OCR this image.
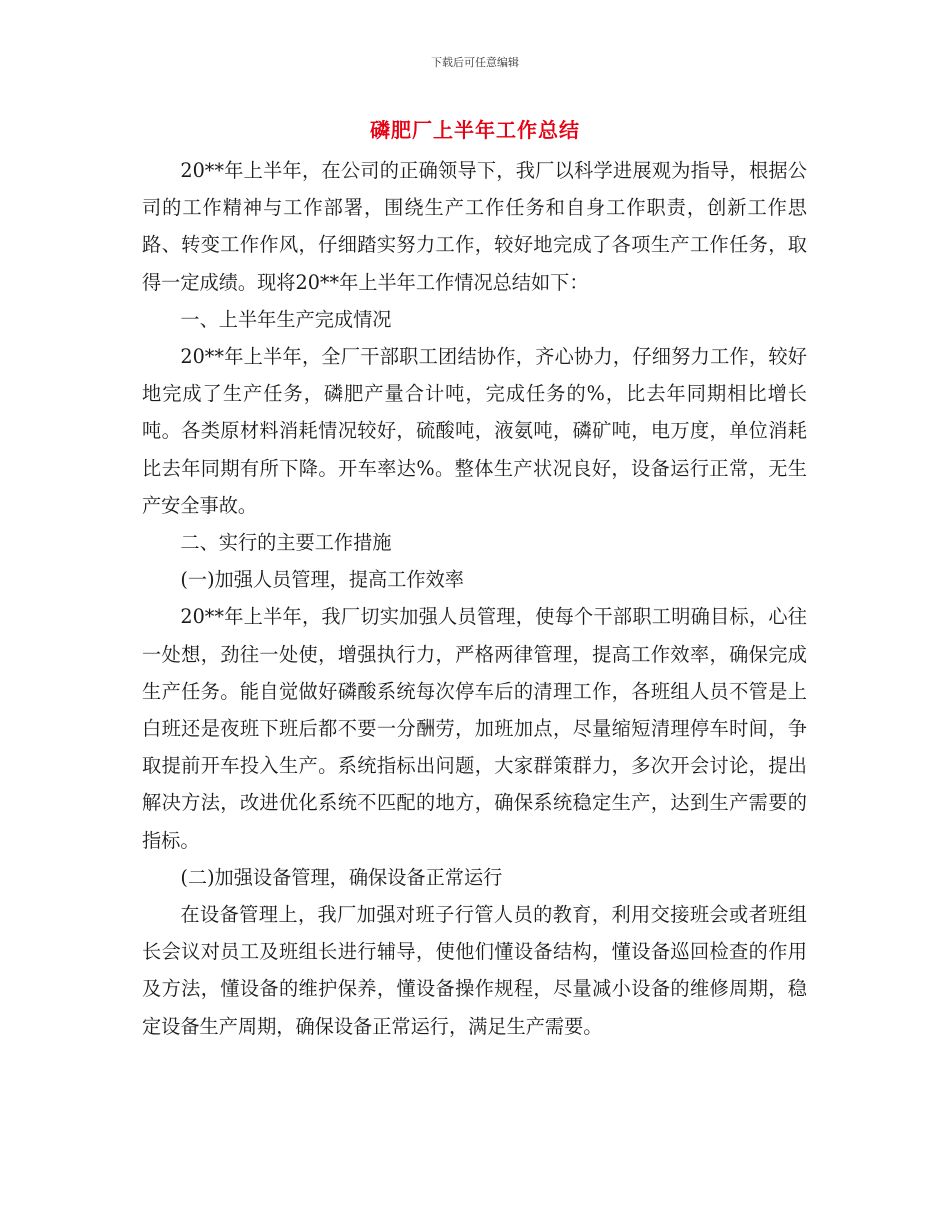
下载后可任意编辑
磷肥厂上半年工作总结

20**年上半年，在公司的正确领导下，我厂以科学进展观为指导，根据公司的工作精神与工作部署，围绕生产工作任务和自身工作职责，创新工作思路、转变工作作风，仔细踏实努力工作，较好地完成了各项生产工作任务，取得一定成绩。现将20**年上半年工作情况总结如下：

一、上半年生产完成情况

20**年上半年，全厂干部职工团结协作，齐心协力，仔细努力工作，较好地完成了生产任务，磷肥产量合计吨，完成任务的%，比去年同期相比增长吨。各类原材料消耗情况较好，硫酸吨，液氨吨，磷矿吨，电万度，单位消耗比去年同期有所下降。开车率达%。整体生产状况良好，设备运行正常，无生产安全事故。

二、实行的主要工作措施

(一)加强人员管理，提高工作效率

20**年上半年，我厂切实加强人员管理，使每个干部职工明确目标，心往一处想，劲往一处使，增强执行力，严格两律管理，提高工作效率，确保完成生产任务。能自觉做好磷酸系统每次停车后的清理工作，各班组人员不管是上白班还是夜班下班后都不要一分酬劳，加班加点，尽量缩短清理停车时间，争取提前开车投入生产。系统指标出问题，大家群策群力，多次开会讨论，提出解决方法，改进优化系统不匹配的地方，确保系统稳定生产，达到生产需要的指标。

(二)加强设备管理，确保设备正常运行

在设备管理上，我厂加强对班子行管人员的教育，利用交接班会或者班组长会议对员工及班组长进行辅导，使他们懂设备结构，懂设备巡回检查的作用及方法，懂设备的维护保养，懂设备操作规程，尽量减小设备的维修周期，稳定设备生产周期，确保设备正常运行，满足生产需要。
